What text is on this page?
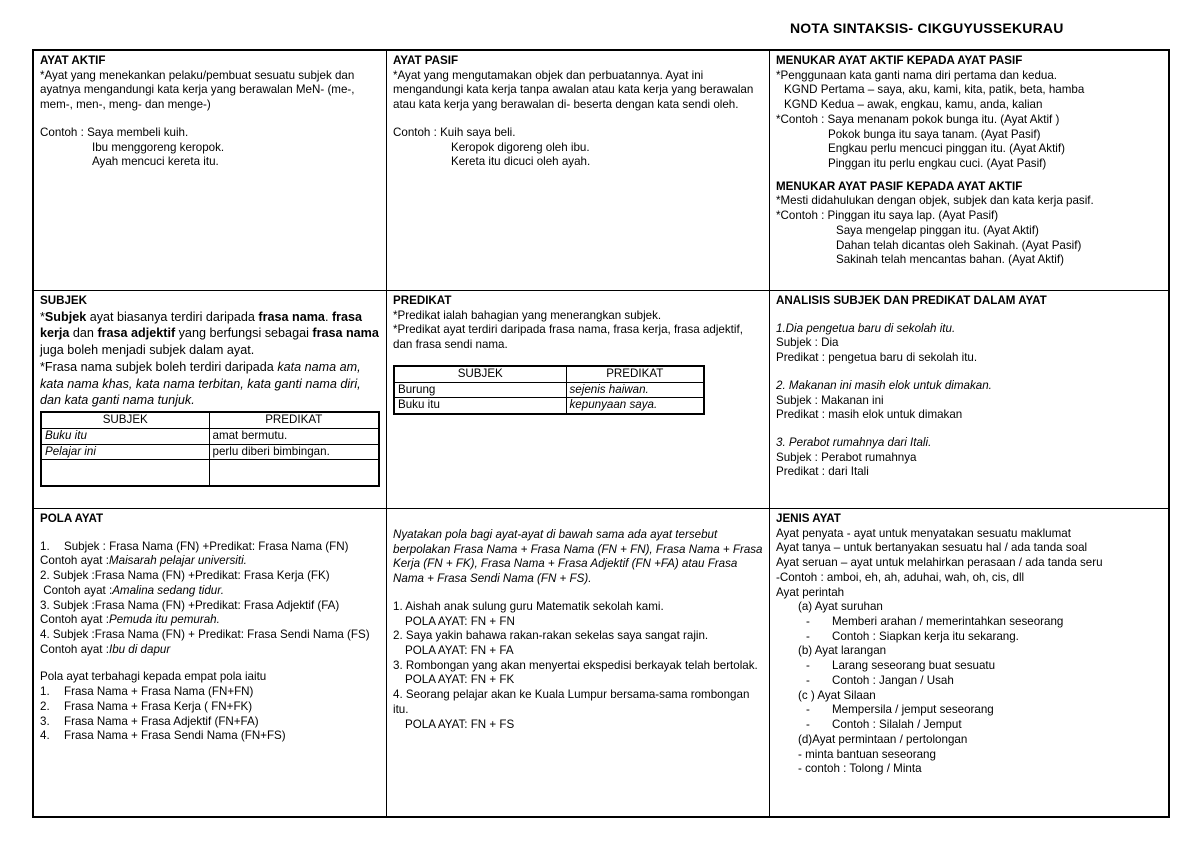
NOTA SINTAKSIS- CIKGUYUSSEKURAU
AYAT AKTIF
*Ayat yang menekankan pelaku/pembuat sesuatu subjek dan ayatnya mengandungi kata kerja yang berawalan MeN- (me-, mem-, men-, meng- dan menge-)
Contoh : Saya membeli kuih.
Ibu menggoreng keropok.
Ayah mencuci kereta itu.
AYAT PASIF
*Ayat yang mengutamakan objek dan perbuatannya. Ayat ini mengandungi kata kerja tanpa awalan atau kata kerja yang berawalan atau kata kerja yang berawalan di- beserta dengan kata sendi oleh.
Contoh : Kuih saya beli.
Keropok digoreng oleh ibu.
Kereta itu dicuci oleh ayah.
MENUKAR AYAT AKTIF KEPADA AYAT PASIF
*Penggunaan kata ganti nama diri pertama dan kedua.
KGND Pertama – saya, aku, kami, kita, patik, beta, hamba
KGND Kedua – awak, engkau, kamu, anda, kalian
*Contoh : Saya menanam pokok bunga itu. (Ayat Aktif )
Pokok bunga itu saya tanam. (Ayat Pasif)
Engkau perlu mencuci pinggan itu. (Ayat Aktif)
Pinggan itu perlu engkau cuci. (Ayat Pasif)
MENUKAR AYAT PASIF KEPADA AYAT AKTIF
*Mesti didahulukan dengan objek, subjek dan kata kerja pasif.
*Contoh : Pinggan itu saya lap. (Ayat Pasif)
Saya mengelap pinggan itu. (Ayat Aktif)
Dahan telah dicantas oleh Sakinah. (Ayat Pasif)
Sakinah telah mencantas bahan. (Ayat Aktif)
SUBJEK
*Subjek ayat biasanya terdiri daripada frasa nama. frasa kerja dan frasa adjektif yang berfungsi sebagai frasa nama juga boleh menjadi subjek dalam ayat.
*Frasa nama subjek boleh terdiri daripada kata nama am, kata nama khas, kata nama terbitan, kata ganti nama diri, dan kata ganti nama tunjuk.
SUBJEK	PREDIKAT
Buku itu	amat bermutu.
Pelajar ini	perlu diberi bimbingan.

PREDIKAT
*Predikat ialah bahagian yang menerangkan subjek.
*Predikat ayat terdiri daripada frasa nama, frasa kerja, frasa adjektif, dan frasa sendi nama.
SUBJEK	PREDIKAT
Burung	sejenis haiwan.
Buku itu	kepunyaan saya.
ANALISIS SUBJEK DAN PREDIKAT DALAM AYAT
1.Dia pengetua baru di sekolah itu.
Subjek : Dia
Predikat : pengetua baru di sekolah itu.
2. Makanan ini masih elok untuk dimakan.
Subjek : Makanan ini
Predikat : masih elok untuk dimakan
3. Perabot rumahnya dari Itali.
Subjek : Perabot rumahnya
Predikat : dari Itali
POLA AYAT
1.	Subjek : Frasa Nama (FN) +Predikat: Frasa Nama (FN)
Contoh ayat :Maisarah pelajar universiti.
2. Subjek :Frasa Nama (FN) +Predikat: Frasa Kerja (FK)
Contoh ayat :Amalina sedang tidur.
3. Subjek :Frasa Nama (FN) +Predikat: Frasa Adjektif (FA)
Contoh ayat :Pemuda itu pemurah.
4. Subjek :Frasa Nama (FN) + Predikat: Frasa Sendi Nama (FS)
Contoh ayat :Ibu di dapur
Pola ayat terbahagi kepada empat pola iaitu
1.	Frasa Nama + Frasa Nama (FN+FN)
2.	Frasa Nama + Frasa Kerja ( FN+FK)
3.	Frasa Nama + Frasa Adjektif (FN+FA)
4.	Frasa Nama + Frasa Sendi Nama (FN+FS)
Nyatakan pola bagi ayat-ayat di bawah sama ada ayat tersebut berpolakan Frasa Nama + Frasa Nama (FN + FN), Frasa Nama + Frasa Kerja (FN + FK), Frasa Nama + Frasa Adjektif (FN +FA) atau Frasa Nama + Frasa Sendi Nama (FN + FS).
1. Aishah anak sulung guru Matematik sekolah kami.
POLA AYAT: FN + FN
2. Saya yakin bahawa rakan-rakan sekelas saya sangat rajin.
POLA AYAT: FN + FA
3. Rombongan yang akan menyertai ekspedisi berkayak telah bertolak.
POLA AYAT: FN + FK
4. Seorang pelajar akan ke Kuala Lumpur bersama-sama rombongan itu.
POLA AYAT: FN + FS
JENIS AYAT
Ayat penyata - ayat untuk menyatakan sesuatu maklumat
Ayat tanya – untuk bertanyakan sesuatu hal / ada tanda soal
Ayat seruan – ayat untuk melahirkan perasaan / ada tanda seru
-Contoh : amboi, eh, ah, aduhai, wah, oh, cis, dll
Ayat perintah
(a) Ayat suruhan
-	Memberi arahan / memerintahkan seseorang
-	Contoh : Siapkan kerja itu sekarang.
(b) Ayat larangan
-	Larang seseorang buat sesuatu
-	Contoh : Jangan / Usah
(c ) Ayat Silaan
-	Mempersila / jemput seseorang
-	Contoh : Silalah / Jemput
(d)Ayat permintaan / pertolongan
- minta bantuan seseorang
- contoh : Tolong / Minta
